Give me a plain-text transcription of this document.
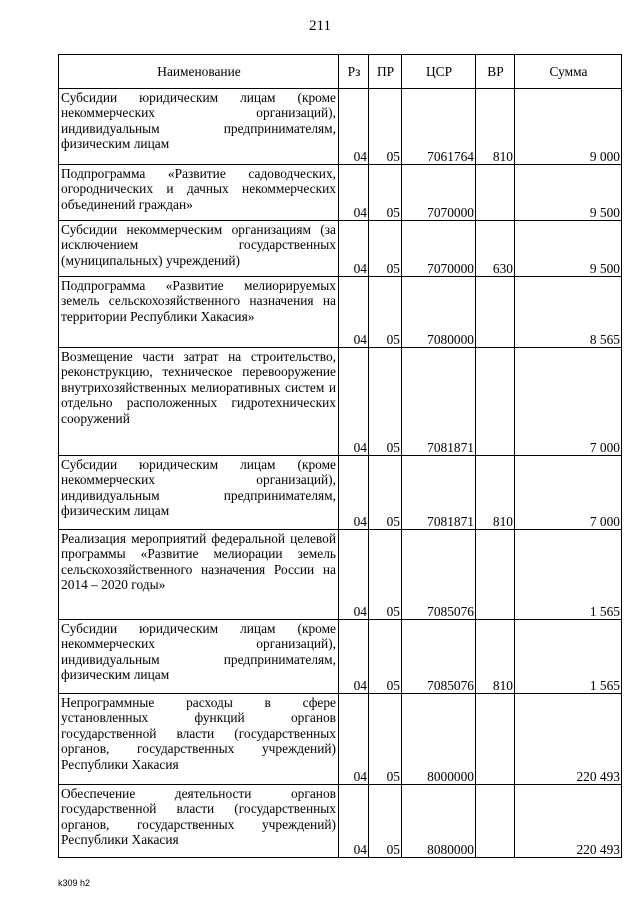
211
Наименование	Рз	ПР	ЦСР	ВР	Сумма
Субсидии юридическим лицам (кроме некоммерческих организаций), индивидуальным предпринимателям, физическим лицам	04	05	7061764	810	9 000
Подпрограмма «Развитие садоводческих, огороднических и дачных некоммерческих объединений граждан»	04	05	7070000		9 500
Субсидии некоммерческим организациям (за исключением государственных (муниципальных) учреждений)	04	05	7070000	630	9 500
Подпрограмма «Развитие мелиорируемых земель сельскохозяйственного назначения на территории Республики Хакасия»	04	05	7080000		8 565
Возмещение части затрат на строительство, реконструкцию, техническое перевооружение внутрихозяйственных мелиоративных систем и отдельно расположенных гидротехнических сооружений	04	05	7081871		7 000
Субсидии юридическим лицам (кроме некоммерческих организаций), индивидуальным предпринимателям, физическим лицам	04	05	7081871	810	7 000
Реализация мероприятий федеральной целевой программы «Развитие мелиорации земель сельскохозяйственного назначения России на 2014 – 2020 годы»	04	05	7085076		1 565
Субсидии юридическим лицам (кроме некоммерческих организаций), индивидуальным предпринимателям, физическим лицам	04	05	7085076	810	1 565
Непрограммные расходы в сфере установленных функций органов государственной власти (государственных органов, государственных учреждений) Республики Хакасия	04	05	8000000		220 493
Обеспечение деятельности органов государственной власти (государственных органов, государственных учреждений) Республики Хакасия	04	05	8080000		220 493
k309 h2
